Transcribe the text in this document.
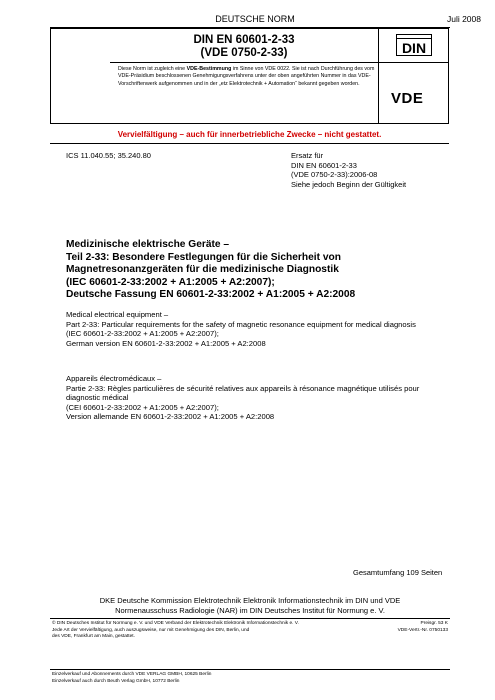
DEUTSCHE NORM	Juli 2008
DIN EN 60601-2-33
(VDE 0750-2-33)	DIN
VDE
Diese Norm ist zugleich eine VDE-Bestimmung im Sinne von VDE 0022. Sie ist nach Durchführung des vom VDE-Präsidium beschlossenen Genehmigungsverfahrens unter der oben angeführten Nummer in das VDE-Vorschriftenwerk aufgenommen und in der „etz Elektrotechnik + Automation“ bekannt gegeben worden.
Vervielfältigung – auch für innerbetriebliche Zwecke – nicht gestattet.
ICS 11.040.55; 35.240.80	Ersatz für
DIN EN 60601-2-33
(VDE 0750-2-33):2006-08
Siehe jedoch Beginn der Gültigkeit
Medizinische elektrische Geräte –
Teil 2-33: Besondere Festlegungen für die Sicherheit von
Magnetresonanzgeräten für die medizinische Diagnostik
(IEC 60601-2-33:2002 + A1:2005 + A2:2007);
Deutsche Fassung EN 60601-2-33:2002 + A1:2005 + A2:2008
Medical electrical equipment –
Part 2-33: Particular requirements for the safety of magnetic resonance equipment for medical diagnosis
(IEC 60601-2-33:2002 + A1:2005 + A2:2007);
German version EN 60601-2-33:2002 + A1:2005 + A2:2008
Appareils électromédicaux –
Partie 2-33: Règles particulières de sécurité relatives aux appareils à résonance magnétique utilisés pour diagnostic médical
(CEI 60601-2-33:2002 + A1:2005 + A2:2007);
Version allemande EN 60601-2-33:2002 + A1:2005 + A2:2008
Gesamtumfang 109 Seiten
DKE Deutsche Kommission Elektrotechnik Elektronik Informationstechnik im DIN und VDE
Normenausschuss Radiologie (NAR) im DIN Deutsches Institut für Normung e. V.
© DIN Deutsches Institut für Normung e. V. und VDE Verband der Elektrotechnik Elektronik Informationstechnik e. V.
Jede Art der Vervielfältigung, auch auszugsweise, nur mit Genehmigung des DIN, Berlin, und
des VDE, Frankfurt am Main, gestattet.
Preisgr. 53 K
VDE-Vertr.-Nr. 0750133
Einzelverkauf und Abonnements durch VDE VERLAG GMBH, 10625 Berlin
Einzelverkauf auch durch Beuth Verlag GmbH, 10772 Berlin
